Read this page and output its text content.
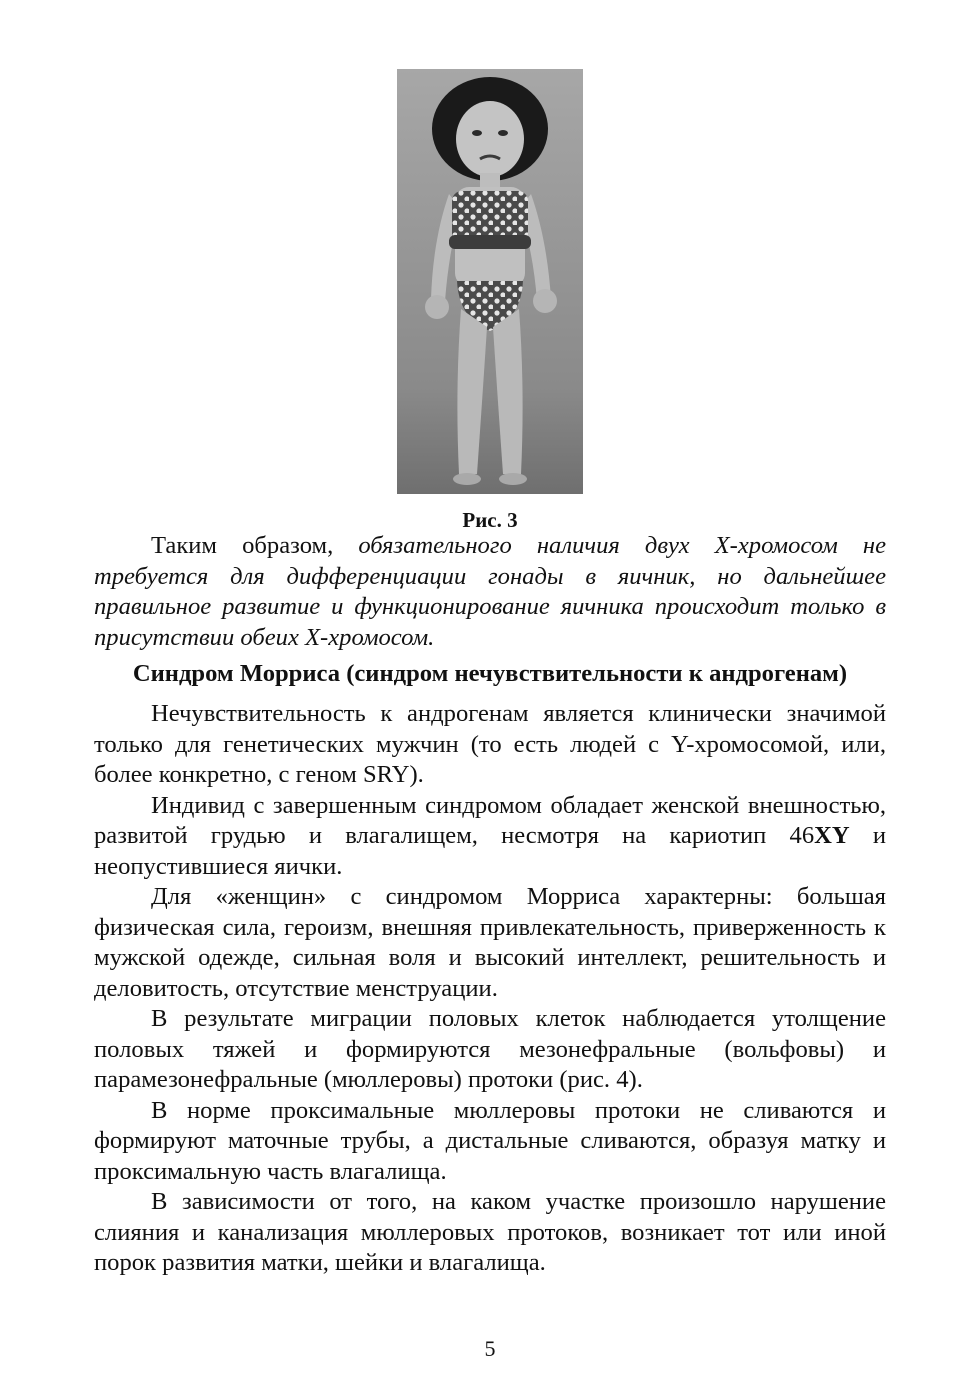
Рис. 3

Таким образом, обязательного наличия двух Х-хромосом не требуется для дифференциации гонады в яичник, но дальнейшее правильное развитие и функционирование яичника происходит только в присутствии обеих Х-хромосом.

Синдром Морриса (синдром нечувствительности к андрогенам)

Нечувствительность к андрогенам является клинически значимой только для генетических мужчин (то есть людей с Y-хромосомой, или, более конкретно, с геном SRY).

Индивид с завершенным синдромом обладает женской внешностью, развитой грудью и влагалищем, несмотря на кариотип 46XY и неопустившиеся яички.

Для «женщин» с синдромом Морриса характерны: большая физическая сила, героизм, внешняя привлекательность, приверженность к мужской одежде, сильная воля и высокий интеллект, решительность и деловитость, отсутствие менструации.

В результате миграции половых клеток наблюдается утолщение половых тяжей и формируются мезонефральные (вольфовы) и парамезонефральные (мюллеровы) протоки (рис. 4).

В норме проксимальные мюллеровы протоки не сливаются и формируют маточные трубы, а дистальные сливаются, образуя матку и проксимальную часть влагалища.

В зависимости от того, на каком участке произошло нарушение слияния и канализация мюллеровых протоков, возникает тот или иной порок развития матки, шейки и влагалища.

5
